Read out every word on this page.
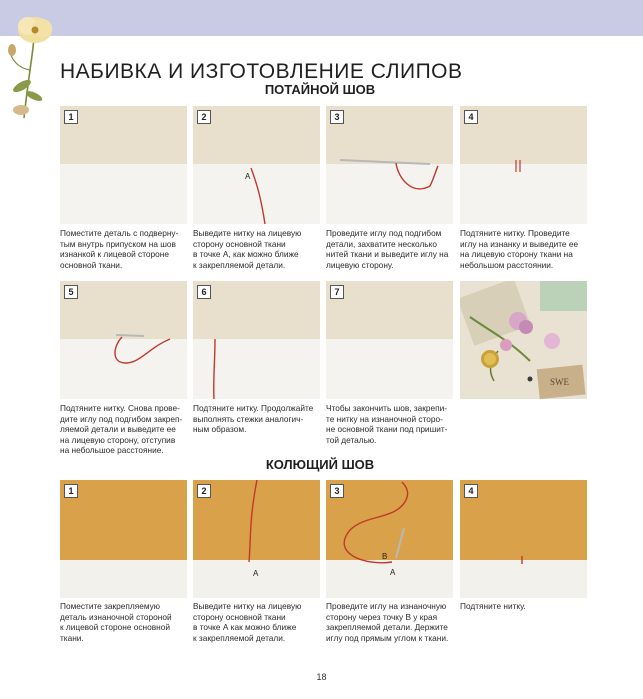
НАБИВКА И ИЗГОТОВЛЕНИЕ СЛИПОВ
ПОТАЙНОЙ ШОВ
1
A
2	3	4
Поместите деталь с подверну-
тым внутрь припуском на шов
изнанкой к лицевой стороне
основной ткани.
Выведите нитку на лицевую
сторону основной ткани
в точке А, как можно ближе
к закрепляемой детали.
Проведите иглу под подгибом
детали, захватите несколько
нитей ткани и выведите иглу на
лицевую сторону.
Подтяните нитку. Проведите
иглу на изнанку и выведите ее
на лицевую сторону ткани на
небольшом расстоянии.
5	6	7
SWE
Подтяните нитку. Снова прове-
дите иглу под подгибом закреп-
ляемой детали и выведите ее
на лицевую сторону, отступив
на небольшое расстояние.
Подтяните нитку. Продолжайте
выполнять стежки аналогич-
ным образом.
Чтобы закончить шов, закрепи-
те нитку на изнаночной сторо-
не основной ткани под пришит-
той деталью.
КОЛЮЩИЙ ШОВ
1
A
2
B
A
3	4
Поместите закрепляемую
деталь изнаночной стороной
к лицевой стороне основной
ткани.
Выведите нитку на лицевую
сторону основной ткани
в точке А как можно ближе
к закрепляемой детали.
Проведите иглу на изнаночную
сторону через точку В у края
закрепляемой детали. Держите
иглу под прямым углом к ткани.
Подтяните нитку.
18
